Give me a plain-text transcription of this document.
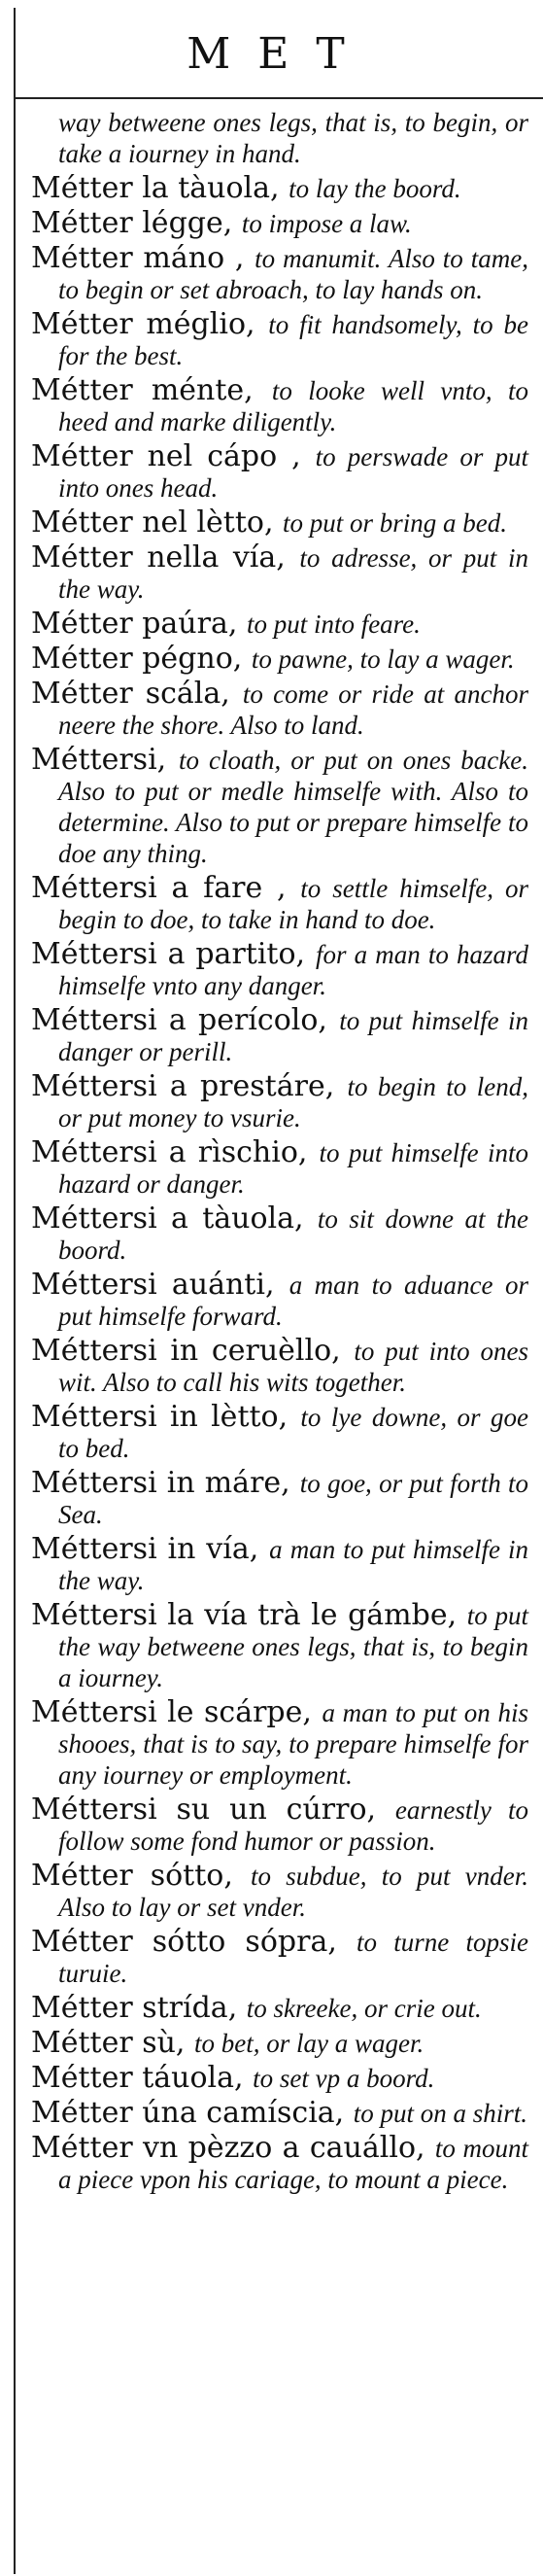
MET
way betweene ones legs, that is, to begin, or take a iourney in hand.
Métter la tàuola, to lay the boord.
Métter légge, to impose a law.
Métter máno , to manumit. Also to tame, to begin or set abroach, to lay hands on.
Métter méglio, to fit handsomely, to be for the best.
Métter ménte, to looke well vnto, to heed and marke diligently.
Métter nel cápo , to perswade or put into ones head.
Métter nel lètto, to put or bring a bed.
Métter nella vía, to adresse, or put in the way.
Métter paúra, to put into feare.
Métter pégno, to pawne, to lay a wager.
Métter scála, to come or ride at anchor neere the shore. Also to land.
Méttersi, to cloath, or put on ones backe. Also to put or medle himselfe with. Also to determine. Also to put or prepare himselfe to doe any thing.
Méttersi a fare , to settle himselfe, or begin to doe, to take in hand to doe.
Méttersi a partito, for a man to hazard himselfe vnto any danger.
Méttersi a perícolo, to put himselfe in danger or perill.
Méttersi a prestáre, to begin to lend, or put money to vsurie.
Méttersi a rìschio, to put himselfe into hazard or danger.
Méttersi a tàuola, to sit downe at the boord.
Méttersi auánti, a man to aduance or put himselfe forward.
Méttersi in ceruèllo, to put into ones wit. Also to call his wits together.
Méttersi in lètto, to lye downe, or goe to bed.
Méttersi in máre, to goe, or put forth to Sea.
Méttersi in vía, a man to put himselfe in the way.
Méttersi la vía trà le gámbe, to put the way betweene ones legs, that is, to begin a iourney.
Méttersi le scárpe, a man to put on his shooes, that is to say, to prepare himselfe for any iourney or employment.
Méttersi su un cúrro, earnestly to follow some fond humor or passion.
Métter sótto, to subdue, to put vnder. Also to lay or set vnder.
Métter sótto sópra, to turne topsie turuie.
Métter strída, to skreeke, or crie out.
Métter sù, to bet, or lay a wager.
Métter táuola, to set vp a boord.
Métter úna camíscia, to put on a shirt.
Métter vn pèzzo a cauállo, to mount a piece vpon his cariage, to mount a piece.
